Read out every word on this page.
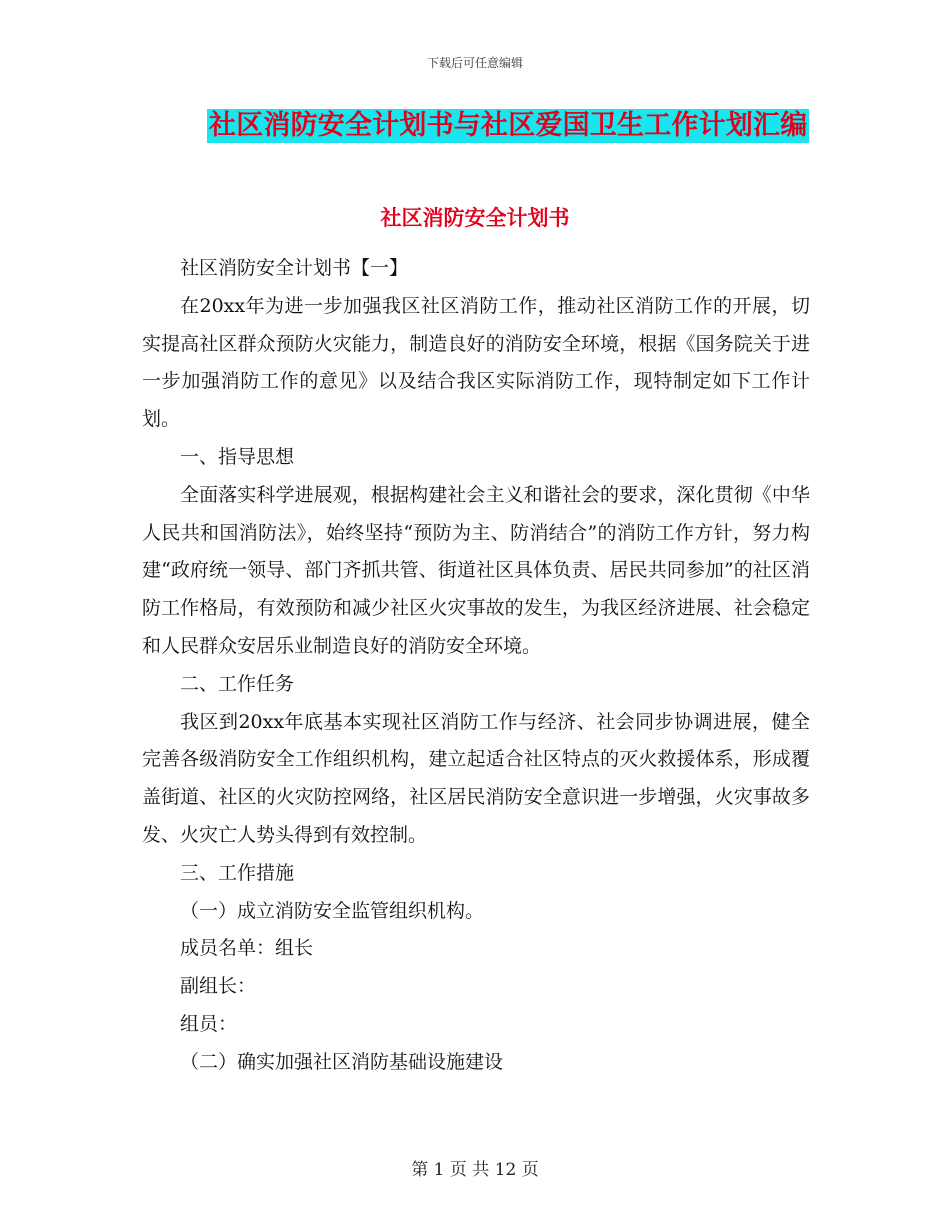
下载后可任意编辑
社区消防安全计划书与社区爱国卫生工作计划汇编
社区消防安全计划书

社区消防安全计划书【一】

在20xx年为进一步加强我区社区消防工作，推动社区消防工作的开展，切实提高社区群众预防火灾能力，制造良好的消防安全环境，根据《国务院关于进一步加强消防工作的意见》以及结合我区实际消防工作，现特制定如下工作计划。

一、指导思想

全面落实科学进展观，根据构建社会主义和谐社会的要求，深化贯彻《中华人民共和国消防法》，始终坚持“预防为主、防消结合”的消防工作方针，努力构建“政府统一领导、部门齐抓共管、街道社区具体负责、居民共同参加”的社区消防工作格局，有效预防和减少社区火灾事故的发生，为我区经济进展、社会稳定和人民群众安居乐业制造良好的消防安全环境。

二、工作任务

我区到20xx年底基本实现社区消防工作与经济、社会同步协调进展，健全完善各级消防安全工作组织机构，建立起适合社区特点的灭火救援体系，形成覆盖街道、社区的火灾防控网络，社区居民消防安全意识进一步增强，火灾事故多发、火灾亡人势头得到有效控制。

三、工作措施

（一）成立消防安全监管组织机构。

成员名单：组长

副组长：

组员：

（二）确实加强社区消防基础设施建设

第 1 页 共 12 页
